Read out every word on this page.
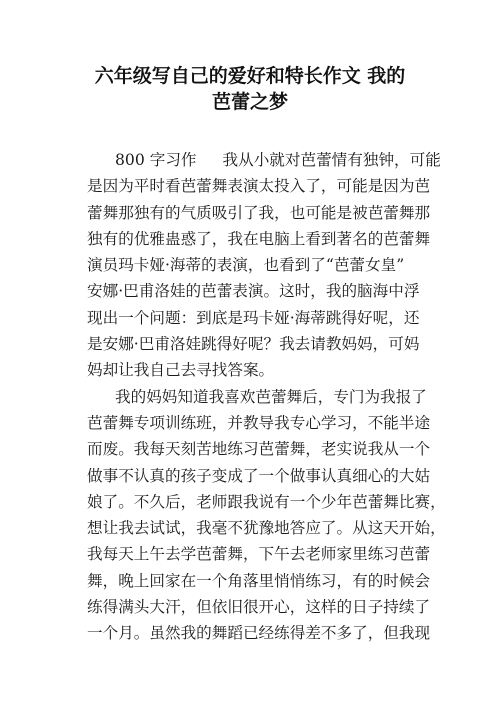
六年级写自己的爱好和特长作文 我的
芭蕾之梦

800 字习作 我从小就对芭蕾情有独钟，可能
是因为平时看芭蕾舞表演太投入了，可能是因为芭
蕾舞那独有的气质吸引了我，也可能是被芭蕾舞那
独有的优雅蛊惑了，我在电脑上看到著名的芭蕾舞
演员玛卡娅·海蒂的表演，也看到了“芭蕾女皇”
安娜·巴甫洛娃的芭蕾表演。这时，我的脑海中浮
现出一个问题：到底是玛卡娅·海蒂跳得好呢，还
是安娜·巴甫洛娃跳得好呢？我去请教妈妈，可妈
妈却让我自己去寻找答案。

我的妈妈知道我喜欢芭蕾舞后，专门为我报了
芭蕾舞专项训练班，并教导我专心学习，不能半途
而废。我每天刻苦地练习芭蕾舞，老实说我从一个
做事不认真的孩子变成了一个做事认真细心的大姑
娘了。不久后，老师跟我说有一个少年芭蕾舞比赛，
想让我去试试，我毫不犹豫地答应了。从这天开始，
我每天上午去学芭蕾舞，下午去老师家里练习芭蕾
舞，晚上回家在一个角落里悄悄练习，有的时候会
练得满头大汗，但依旧很开心，这样的日子持续了
一个月。虽然我的舞蹈已经练得差不多了，但我现
